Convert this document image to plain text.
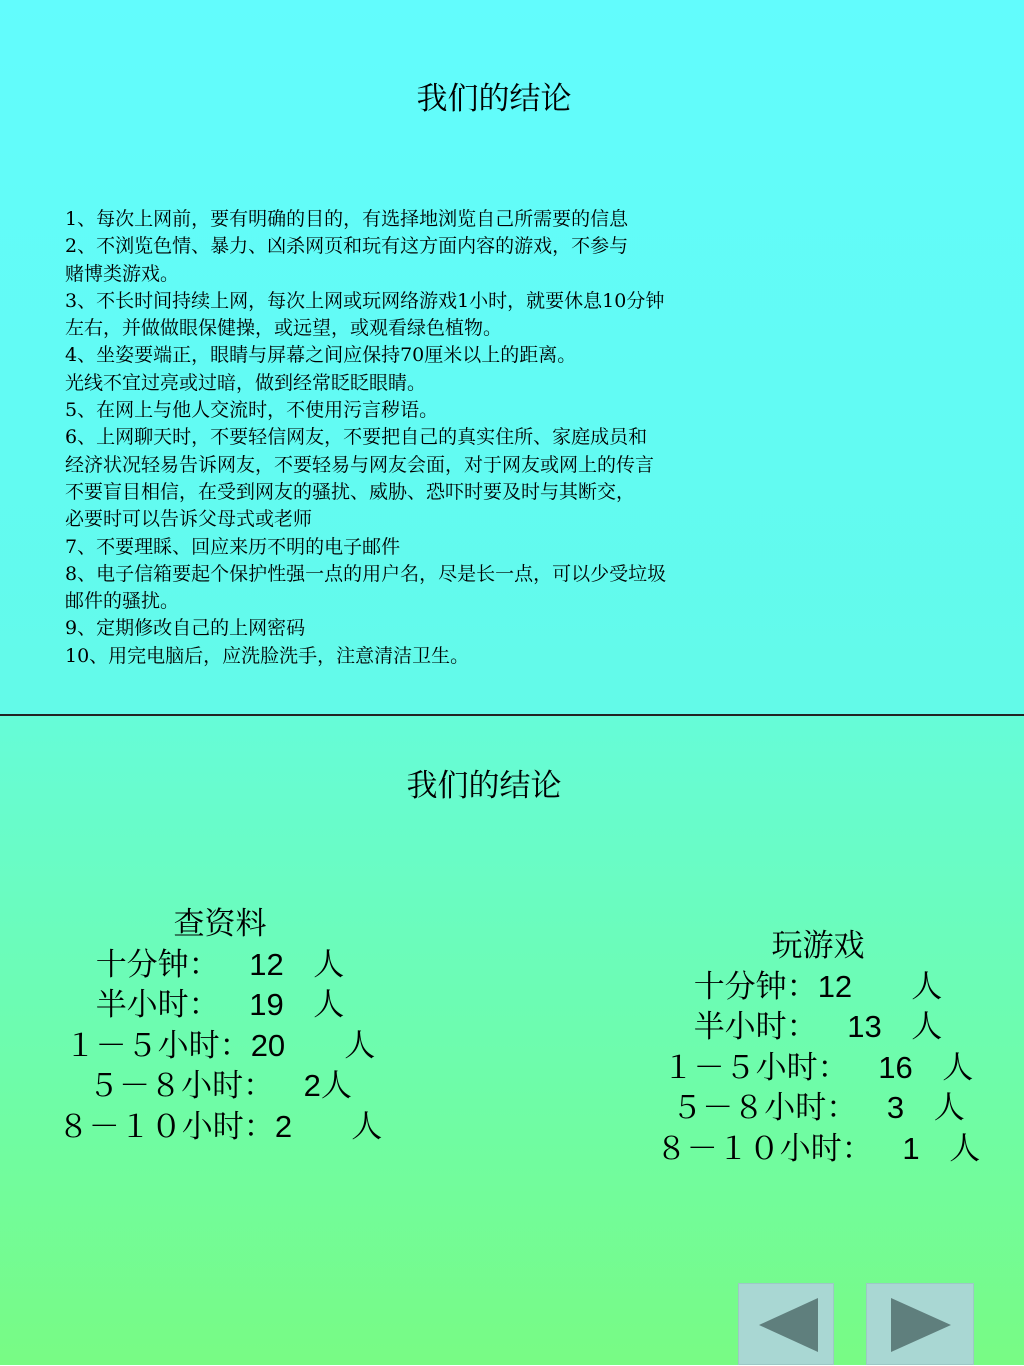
我们的结论
1、每次上网前，要有明确的目的，有选择地浏览自己所需要的信息
2、不浏览色情、暴力、凶杀网页和玩有这方面内容的游戏，不参与
赌博类游戏。
3、不长时间持续上网，每次上网或玩网络游戏1小时，就要休息10分钟
左右，并做做眼保健操，或远望，或观看绿色植物。
4、坐姿要端正，眼睛与屏幕之间应保持70厘米以上的距离。
光线不宜过亮或过暗，做到经常眨眨眼睛。
5、在网上与他人交流时，不使用污言秽语。
6、上网聊天时，不要轻信网友，不要把自己的真实住所、家庭成员和
经济状况轻易告诉网友，不要轻易与网友会面，对于网友或网上的传言
不要盲目相信，在受到网友的骚扰、威胁、恐吓时要及时与其断交，
必要时可以告诉父母式或老师
7、不要理睬、回应来历不明的电子邮件
8、电子信箱要起个保护性强一点的用户名，尽是长一点，可以少受垃圾
邮件的骚扰。
9、定期修改自己的上网密码
10、用完电脑后，应洗脸洗手，注意清洁卫生。
我们的结论
查资料
十分钟： 12 人
半小时： 19 人
１－５小时：20 人
５－８小时： 2人
８－１０小时：2 人
玩游戏
十分钟：12 人
半小时： 13 人
１－５小时： 16 人
５－８小时： 3 人
８－１０小时： 1 人
